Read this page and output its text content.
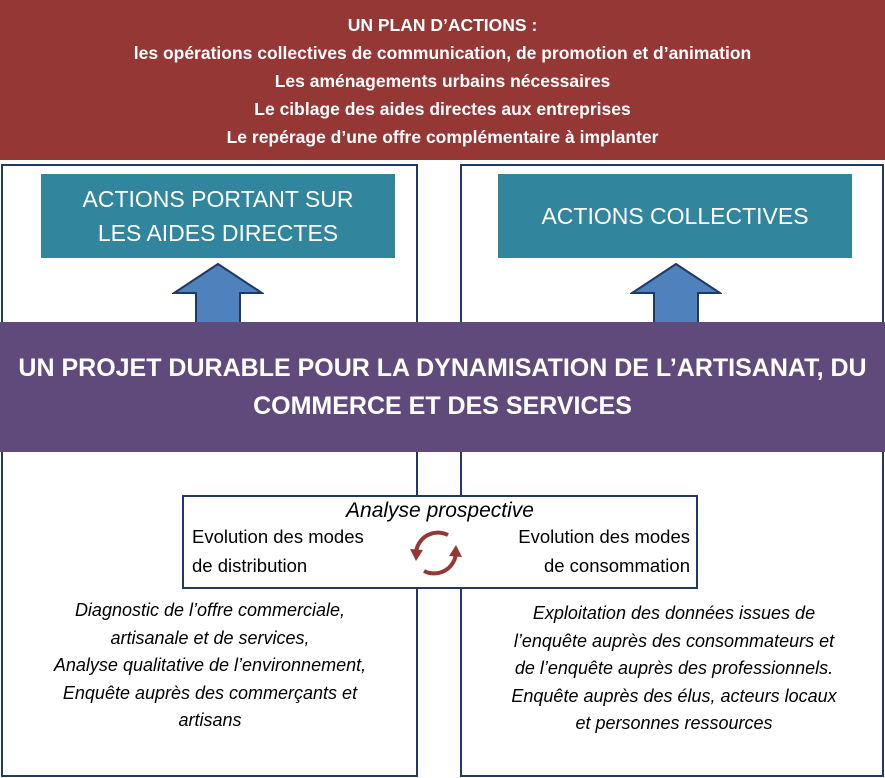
UN PLAN D’ACTIONS :
les opérations collectives de communication, de promotion et d’animation
Les aménagements urbains nécessaires
Le ciblage des aides directes aux entreprises
Le repérage d’une offre complémentaire à implanter
ACTIONS PORTANT SUR
LES AIDES DIRECTES
ACTIONS COLLECTIVES
UN PROJET DURABLE POUR LA DYNAMISATION DE L’ARTISANAT, DU
COMMERCE ET DES SERVICES
Analyse prospective
Evolution des modes
de distribution
Evolution des modes
de consommation
Diagnostic de l’offre commerciale,
artisanale et de services,
Analyse qualitative de l’environnement,
Enquête auprès des commerçants et
artisans
Exploitation des données issues de
l’enquête auprès des consommateurs et
de l’enquête auprès des professionnels.
Enquête auprès des élus, acteurs locaux
et personnes ressources
